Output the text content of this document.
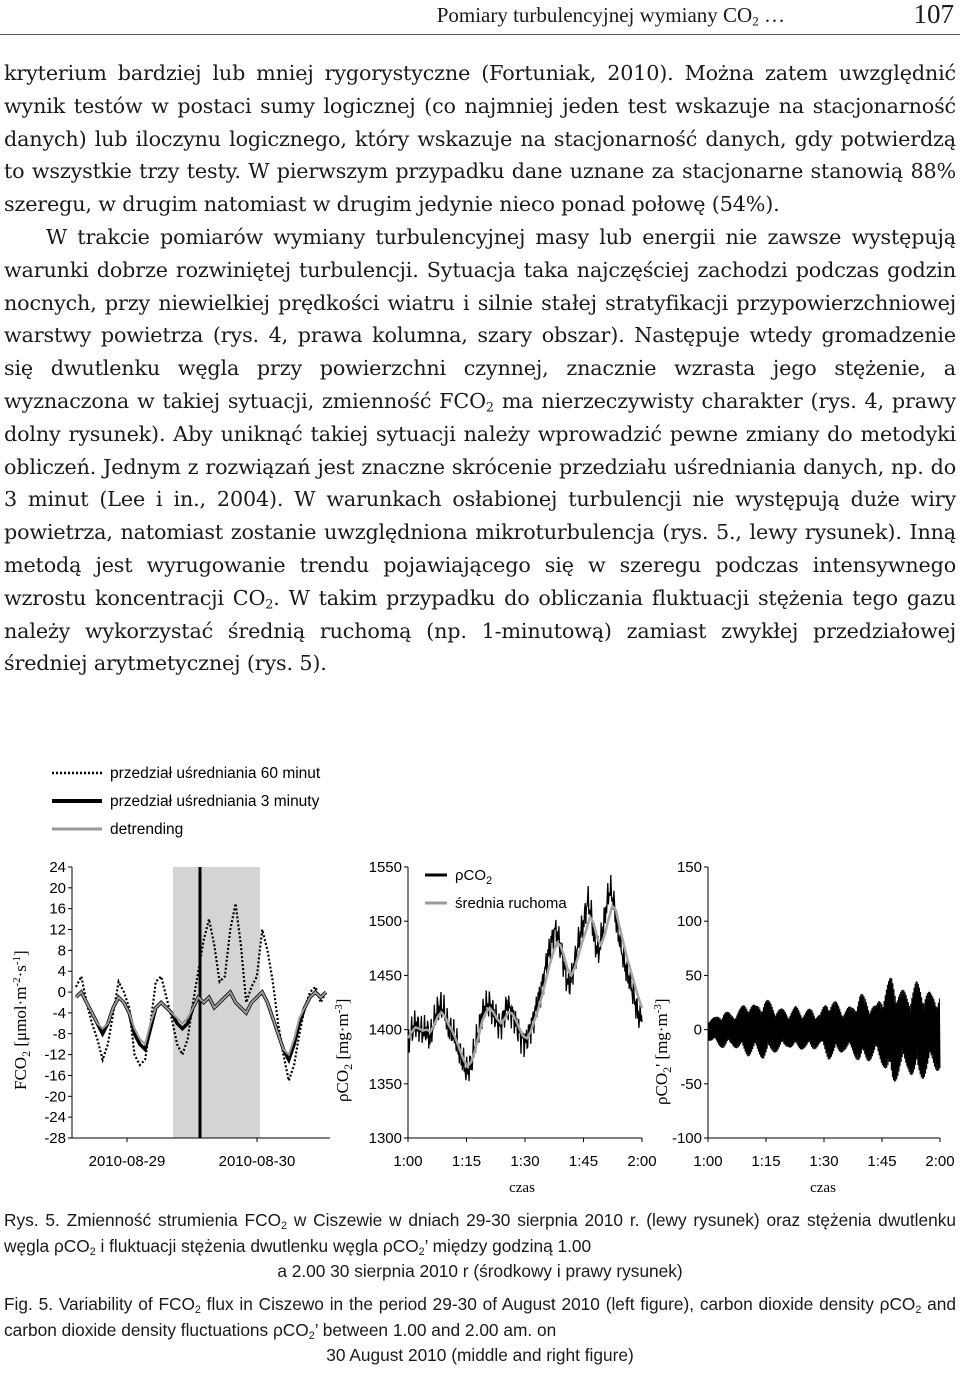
Pomiary turbulencyjnej wymiany $CO_2$ …	107

kryterium bardziej lub mniej rygorystyczne (Fortuniak, 2010). Można zatem uwzględnić wynik testów w postaci sumy logicznej (co najmniej jeden test wskazuje na stacjonarność danych) lub iloczynu logicznego, który wskazuje na stacjonarność danych, gdy potwierdzą to wszystkie trzy testy. W pierwszym przypadku dane uznane za stacjonarne stanowią 88% szeregu, w drugim natomiast w drugim jedynie nieco ponad połowę (54%).

W trakcie pomiarów wymiany turbulencyjnej masy lub energii nie zawsze występują warunki dobrze rozwiniętej turbulencji. Sytuacja taka najczęściej zachodzi podczas godzin nocnych, przy niewielkiej prędkości wiatru i silnie stałej stratyfikacji przypowierzchniowej warstwy powietrza (rys. 4, prawa kolumna, szary obszar). Następuje wtedy gromadzenie się dwutlenku węgla przy powierzchni czynnej, znacznie wzrasta jego stężenie, a wyznaczona w takiej sytuacji, zmienność $FCO_2$ ma nierzeczywisty charakter (rys. 4, prawy dolny rysunek). Aby uniknąć takiej sytuacji należy wprowadzić pewne zmiany do metodyki obliczeń. Jednym z rozwiązań jest znaczne skrócenie przedziału uśredniania danych, np. do 3 minut (Lee i in., 2004). W warunkach osłabionej turbulencji nie występują duże wiry powietrza, natomiast zostanie uwzględniona mikroturbulencja (rys. 5., lewy rysunek). Inną metodą jest wyrugowanie trendu pojawiającego się w szeregu podczas intensywnego wzrostu koncentracji $CO_2$. W takim przypadku do obliczania fluktuacji stężenia tego gazu należy wykorzystać średnią ruchomą (np. 1-minutową) zamiast zwykłej przedziałowej średniej arytmetycznej (rys. 5).

przedział uśredniania 60 minut
przedział uśredniania 3 minuty
detrending
24
20
16
12
8
4
0
-4
-8
-12
-16
-20
-24
-28
2010-08-29	2010-08-30
1550
1500
1450
1400
1350
1300
1:00 1:15 1:30 1:45 2:00
150
100
50
0
-50
-100
1:00 1:15 1:30 1:45 2:00
$FCO_2$ $[\mu mol\cdot m^{-2}\cdot s^{-1}]$
ρCO$_2$ $[mg\cdot m^{-3}]$
ρCO$_2$' $[mg\cdot m^{-3}]$
ρCO$_2$
średnia ruchoma
czas	czas
Rys. 5. Zmienność strumienia $FCO_2$ w Ciszewie w dniach 29-30 sierpnia 2010 r. (lewy rysunek) oraz stężenia dwutlenku węgla ρCO$_2$ i fluktuacji stężenia dwutlenku węgla ρCO$_2$’ między godziną 1.00
a 2.00 30 sierpnia 2010 r (środkowy i prawy rysunek)
Fig. 5. Variability of $FCO_2$ flux in Ciszewo in the period 29-30 of August 2010 (left figure), carbon dioxide density ρCO$_2$ and carbon dioxide density fluctuations ρCO$_2$’ between 1.00 and 2.00 am. on
30 August 2010 (middle and right figure)
